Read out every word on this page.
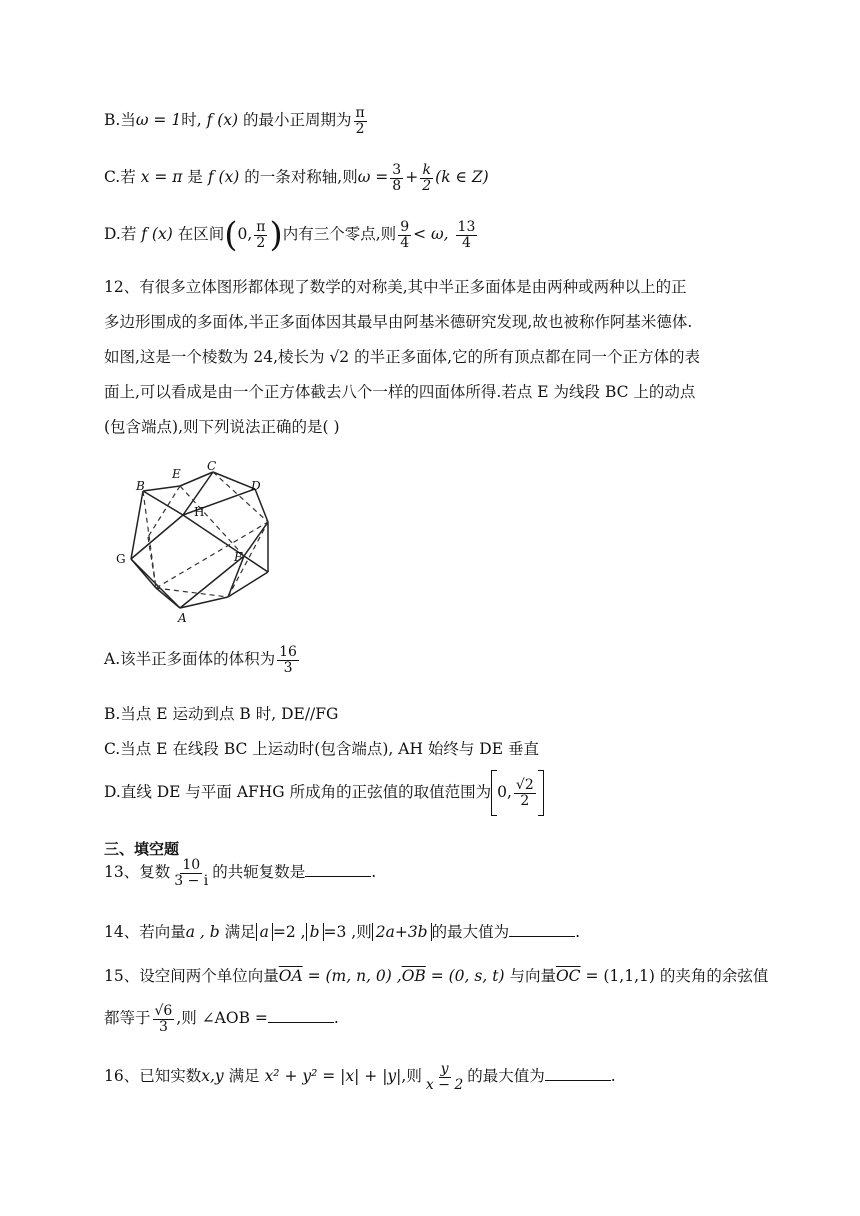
B.当ω = 1时, f (x) 的最小正周期为 $\frac{\pi}{2}$
C.若 x = π 是 f (x) 的一条对称轴,则$\omega = \frac{3}{8} + \frac{k}{2} (k$ ∈ Z)
D.若 f (x) 在区间(0, $\frac{\pi}{2}$ )内有三个零点,则 $\frac{9}{4} < \omega$, $\frac{13}{4}$
12、有很多立体图形都体现了数学的对称美,其中半正多面体是由两种或两种以上的正
多边形围成的多面体,半正多面体因其最早由阿基米德研究发现,故也被称作阿基米德体.
如图,这是一个棱数为 24,棱长为 √2 的半正多面体,它的所有顶点都在同一个正方体的表
面上,可以看成是由一个正方体截去八个一样的四面体所得.若点 E 为线段 BC 上的动点
(包含端点),则下列说法正确的是( )
B
E
C
D
H
G	F
A
A.该半正多面体的体积为 $\frac{16}{3}$
B.当点 E 运动到点 B 时, DE//FG
C.当点 E 在线段 BC 上运动时(包含端点), AH 始终与 DE 垂直
D.直线 DE 与平面 AFHG 所成角的正弦值的取值范围为 0, $\frac{√2}{2}$
三、填空题
13、复数 $\frac{10}{3 - i}$ 的共轭复数是	.
14、若向量a , b 满足 a =2 , b =3 ,则 2a+3b 的最大值为	.
15、设空间两个单位向量$\overline{OA} = (m$, n, 0) $,\overline{OB} = (0$, s, t) 与向量$\overline{OC} = (1,1,1)$ 的夹角的余弦值
都等于 $\frac{√6}{3}$ ,则 ∠AOB =	.
16、已知实数x,y 满足 x² + y² = |x| + |y|,则 $\frac{y}{x - 2}$ 的最大值为	.
